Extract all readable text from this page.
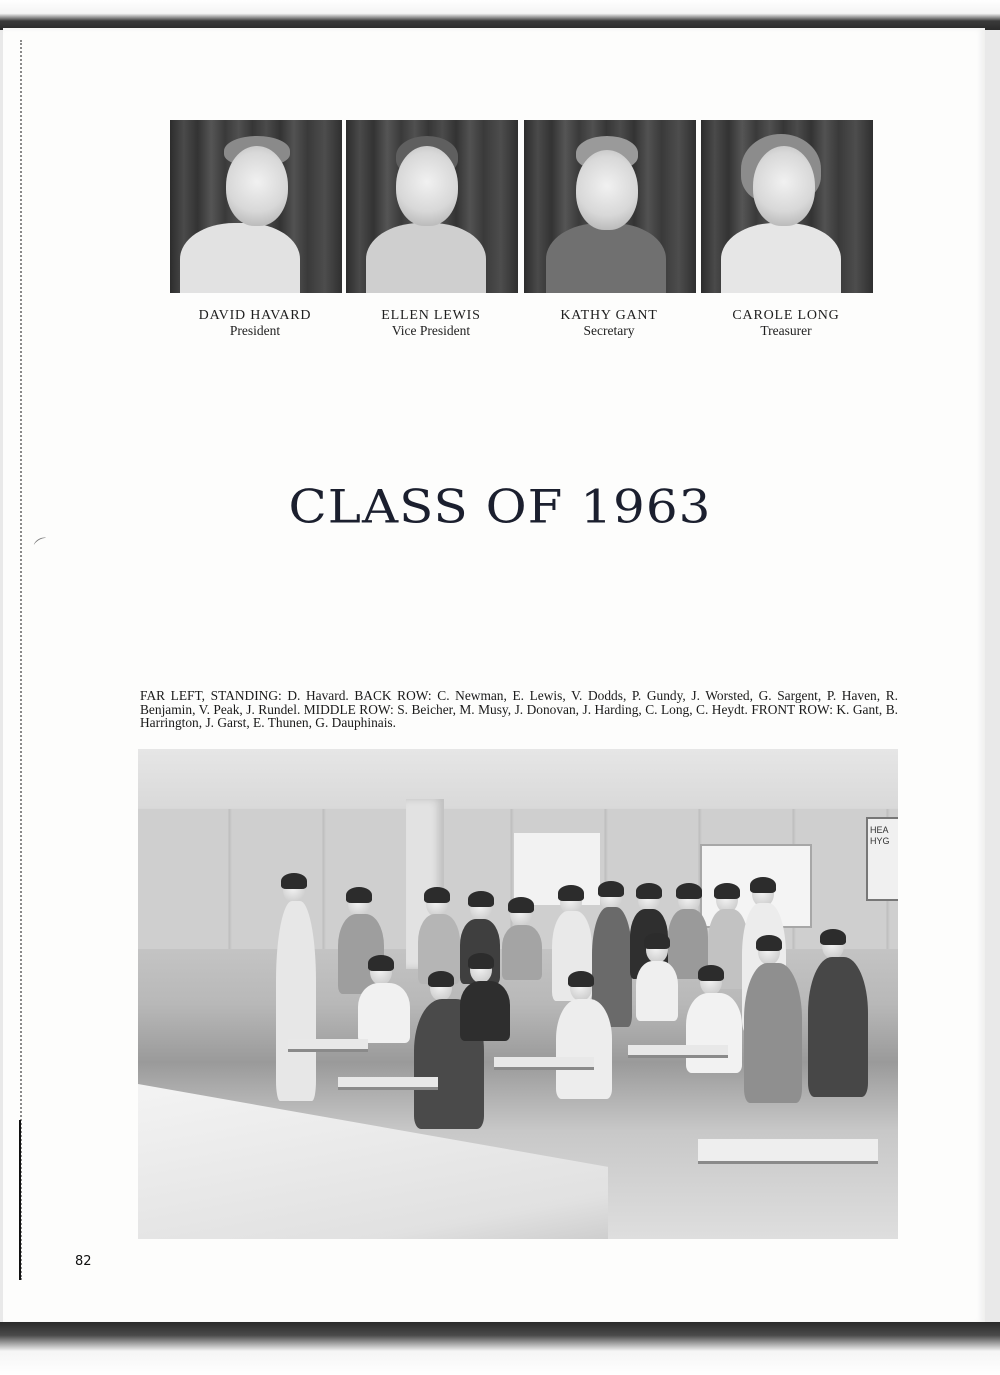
⌒
DAVID HAVARD
President
ELLEN LEWIS
Vice President
KATHY GANT
Secretary
CAROLE LONG
Treasurer
CLASS OF 1963
FAR LEFT, STANDING: D. Havard. BACK ROW: C. Newman, E. Lewis, V. Dodds, P. Gundy, J. Worsted, G. Sargent, P. Haven, R. Benjamin, V. Peak, J. Rundel. MIDDLE ROW: S. Beicher, M. Musy, J. Donovan, J. Harding, C. Long, C. Heydt. FRONT ROW: K. Gant, B. Harrington, J. Garst, E. Thunen, G. Dauphinais.
HEA HYG
82
